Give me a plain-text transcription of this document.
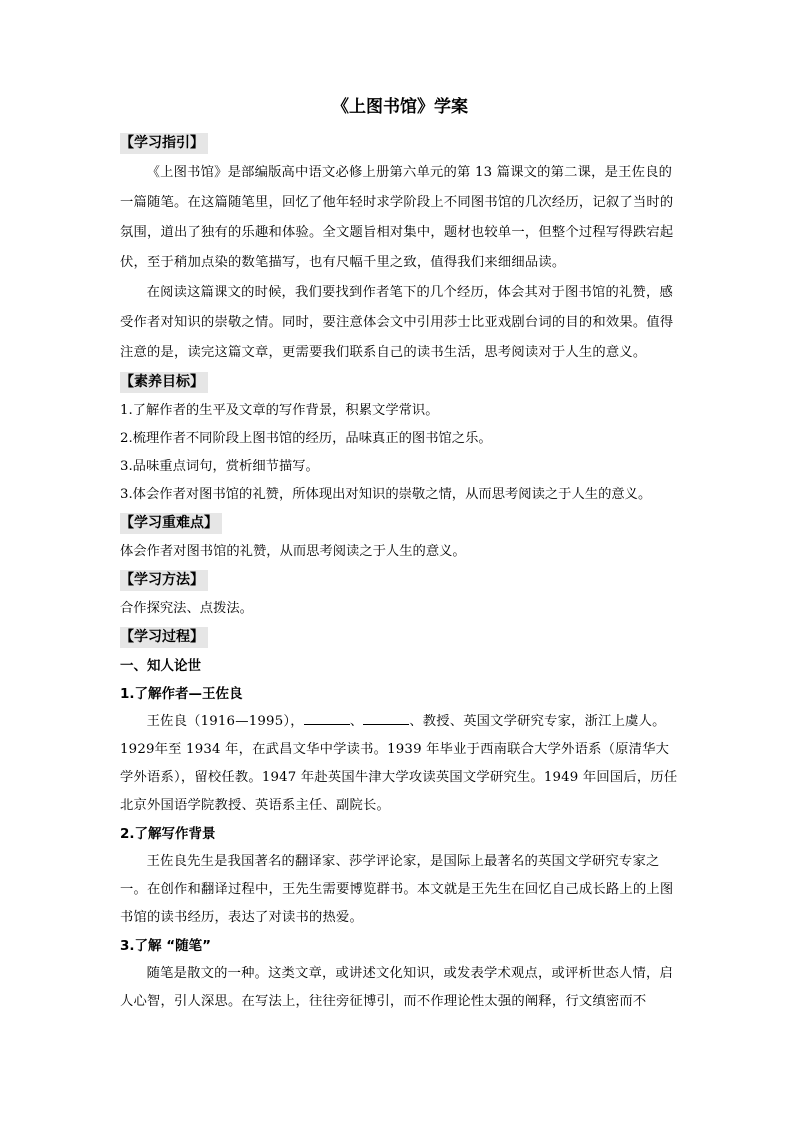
《上图书馆》学案
【学习指引】

《上图书馆》是部编版高中语文必修上册第六单元的第 13 篇课文的第二课，是王佐良的一篇随笔。在这篇随笔里，回忆了他年轻时求学阶段上不同图书馆的几次经历，记叙了当时的氛围，道出了独有的乐趣和体验。全文题旨相对集中，题材也较单一，但整个过程写得跌宕起伏，至于稍加点染的数笔描写，也有尺幅千里之致，值得我们来细细品读。

在阅读这篇课文的时候，我们要找到作者笔下的几个经历，体会其对于图书馆的礼赞，感受作者对知识的崇敬之情。同时，要注意体会文中引用莎士比亚戏剧台词的目的和效果。值得注意的是，读完这篇文章，更需要我们联系自己的读书生活，思考阅读对于人生的意义。

【素养目标】

1.了解作者的生平及文章的写作背景，积累文学常识。

2.梳理作者不同阶段上图书馆的经历，品味真正的图书馆之乐。

3.品味重点词句，赏析细节描写。

3.体会作者对图书馆的礼赞，所体现出对知识的崇敬之情，从而思考阅读之于人生的意义。

【学习重难点】

体会作者对图书馆的礼赞，从而思考阅读之于人生的意义。

【学习方法】

合作探究法、点拨法。

【学习过程】

一、知人论世

1.了解作者—王佐良

王佐良（1916—1995），	、	、教授、英国文学研究专家，浙江上虞人。1929年至 1934 年，在武昌文华中学读书。1939 年毕业于西南联合大学外语系（原清华大学外语系），留校任教。1947 年赴英国牛津大学攻读英国文学研究生。1949 年回国后，历任北京外国语学院教授、英语系主任、副院长。

2.了解写作背景

王佐良先生是我国著名的翻译家、莎学评论家，是国际上最著名的英国文学研究专家之一。在创作和翻译过程中，王先生需要博览群书。本文就是王先生在回忆自己成长路上的上图书馆的读书经历，表达了对读书的热爱。

3.了解 “随笔”

随笔是散文的一种。这类文章，或讲述文化知识，或发表学术观点，或评析世态人情，启人心智，引人深思。在写法上，往往旁征博引，而不作理论性太强的阐释，行文缜密而不
